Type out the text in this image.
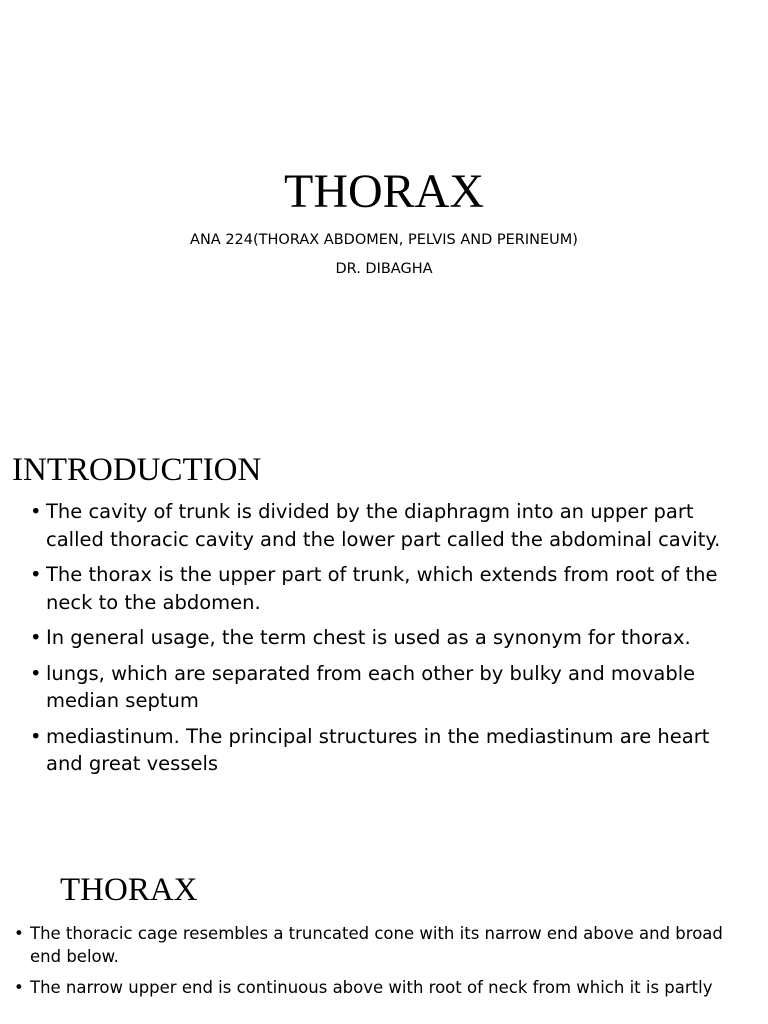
THORAX

ANA 224(THORAX ABDOMEN, PELVIS AND PERINEUM)

DR. DIBAGHA

INTRODUCTION
• The cavity of trunk is divided by the diaphragm into an upper part called thoracic cavity and the lower part called the abdominal cavity.
• The thorax is the upper part of trunk, which extends from root of the neck to the abdomen.
• In general usage, the term chest is used as a synonym for thorax.
• lungs, which are separated from each other by bulky and movable median septum
• mediastinum. The principal structures in the mediastinum are heart and great vessels
THORAX
• The thoracic cage resembles a truncated cone with its narrow end above and broad end below.
• The narrow upper end is continuous above with root of neck from which it is partly
